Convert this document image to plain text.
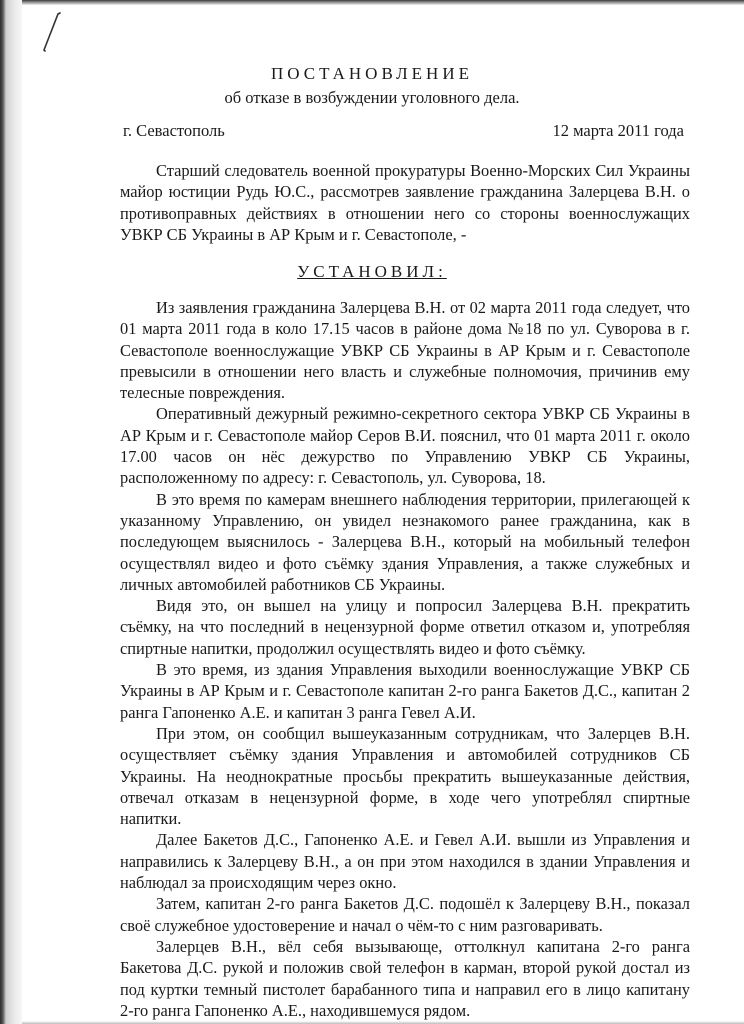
ПОСТАНОВЛЕНИЕ
об отказе в возбуждении уголовного дела.
г. Севастополь	12 марта 2011 года

Старший следователь военной прокуратуры Военно-Морских Сил Украины майор юстиции Рудь Ю.С., рассмотрев заявление гражданина Залерцева В.Н. о противоправных действиях в отношении него со стороны военнослужащих УВКР СБ Украины в АР Крым и г. Севастополе, -

УСТАНОВИЛ:

Из заявления гражданина Залерцева В.Н. от 02 марта 2011 года следует, что 01 марта 2011 года в коло 17.15 часов в районе дома №18 по ул. Суворова в г. Севастополе военнослужащие УВКР СБ Украины в АР Крым и г. Севастополе превысили в отношении него власть и служебные полномочия, причинив ему телесные повреждения.

Оперативный дежурный режимно-секретного сектора УВКР СБ Украины в АР Крым и г. Севастополе майор Серов В.И. пояснил, что 01 марта 2011 г. около 17.00 часов он нёс дежурство по Управлению УВКР СБ Украины, расположенному по адресу: г. Севастополь, ул. Суворова, 18.

В это время по камерам внешнего наблюдения территории, прилегающей к указанному Управлению, он увидел незнакомого ранее гражданина, как в последующем выяснилось - Залерцева В.Н., который на мобильный телефон осуществлял видео и фото съёмку здания Управления, а также служебных и личных автомобилей работников СБ Украины.

Видя это, он вышел на улицу и попросил Залерцева В.Н. прекратить съёмку, на что последний в нецензурной форме ответил отказом и, употребляя спиртные напитки, продолжил осуществлять видео и фото съёмку.

В это время, из здания Управления выходили военнослужащие УВКР СБ Украины в АР Крым и г. Севастополе капитан 2-го ранга Бакетов Д.С., капитан 2 ранга Гапоненко А.Е. и капитан 3 ранга Гевел А.И.

При этом, он сообщил вышеуказанным сотрудникам, что Залерцев В.Н. осуществляет съёмку здания Управления и автомобилей сотрудников СБ Украины. На неоднократные просьбы прекратить вышеуказанные действия, отвечал отказам в нецензурной форме, в ходе чего употреблял спиртные напитки.

Далее Бакетов Д.С., Гапоненко А.Е. и Гевел А.И. вышли из Управления и направились к Залерцеву В.Н., а он при этом находился в здании Управления и наблюдал за происходящим через окно.

Затем, капитан 2-го ранга Бакетов Д.С. подошёл к Залерцеву В.Н., показал своё служебное удостоверение и начал о чём-то с ним разговаривать.

Залерцев В.Н., вёл себя вызывающе, оттолкнул капитана 2-го ранга Бакетова Д.С. рукой и положив свой телефон в карман, второй рукой достал из под куртки темный пистолет барабанного типа и направил его в лицо капитану 2-го ранга Гапоненко А.Е., находившемуся рядом.
